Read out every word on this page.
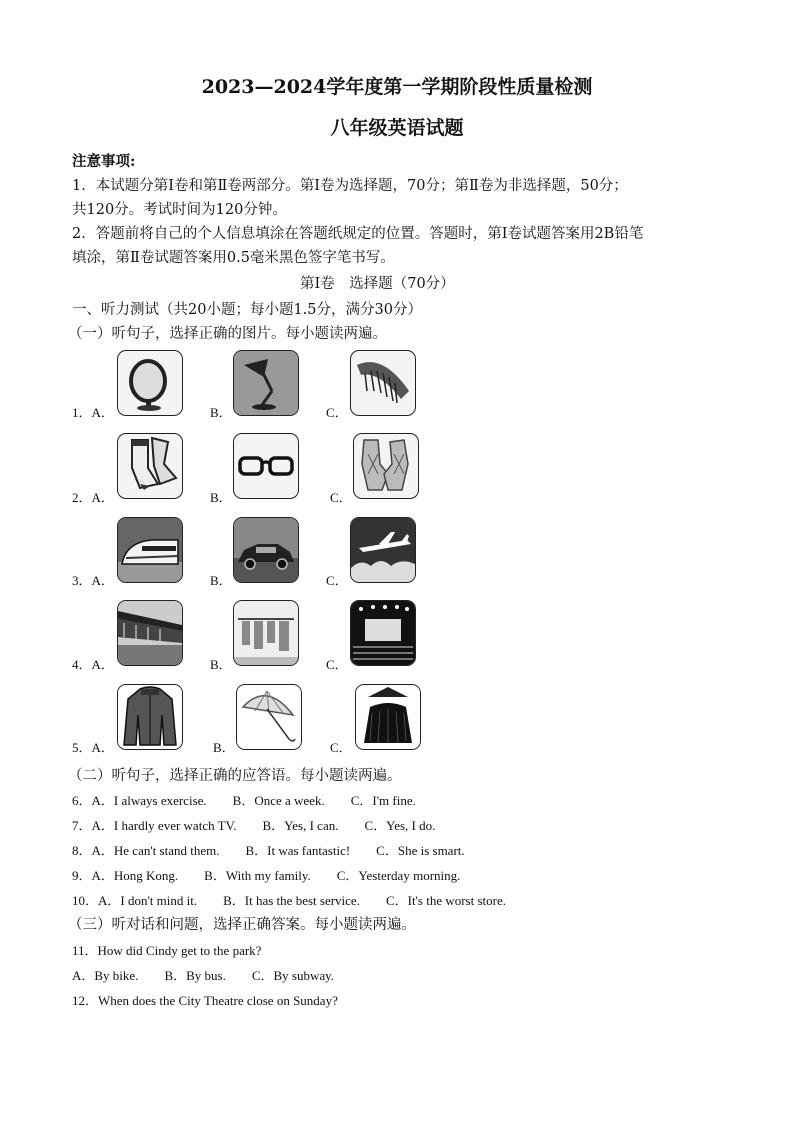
2023—2024学年度第一学期阶段性质量检测
八年级英语试题
注意事项:
1．本试题分第Ⅰ卷和第Ⅱ卷两部分。第Ⅰ卷为选择题，70分；第Ⅱ卷为非选择题，50分；
共120分。考试时间为120分钟。
2．答题前将自己的个人信息填涂在答题纸规定的位置。答题时，第Ⅰ卷试题答案用2B铅笔
填涂，第Ⅱ卷试题答案用0.5毫米黑色签字笔书写。
第Ⅰ卷　选择题（70分）
一、听力测试（共20小题；每小题1.5分，满分30分）
（一）听句子，选择正确的图片。每小题读两遍。
1．A．	B．	C．
2．A．	B．	C．
3．A．	B．	C．
4．A．	B．	C．
5．A．	B．	C．
（二）听句子，选择正确的应答语。每小题读两遍。
6．A．I always exercise.　　B．Once a week.　　C．I'm fine.
7．A．I hardly ever watch TV.　　B．Yes, I can.　　C．Yes, I do.
8．A．He can't stand them.　　B．It was fantastic!　　C．She is smart.
9．A．Hong Kong.　　B．With my family.　　C．Yesterday morning.
10．A．I don't mind it.　　B．It has the best service.　　C．It's the worst store.
（三）听对话和问题，选择正确答案。每小题读两遍。
11．How did Cindy get to the park?
A．By bike.　　B．By bus.　　C．By subway.
12．When does the City Theatre close on Sunday?
